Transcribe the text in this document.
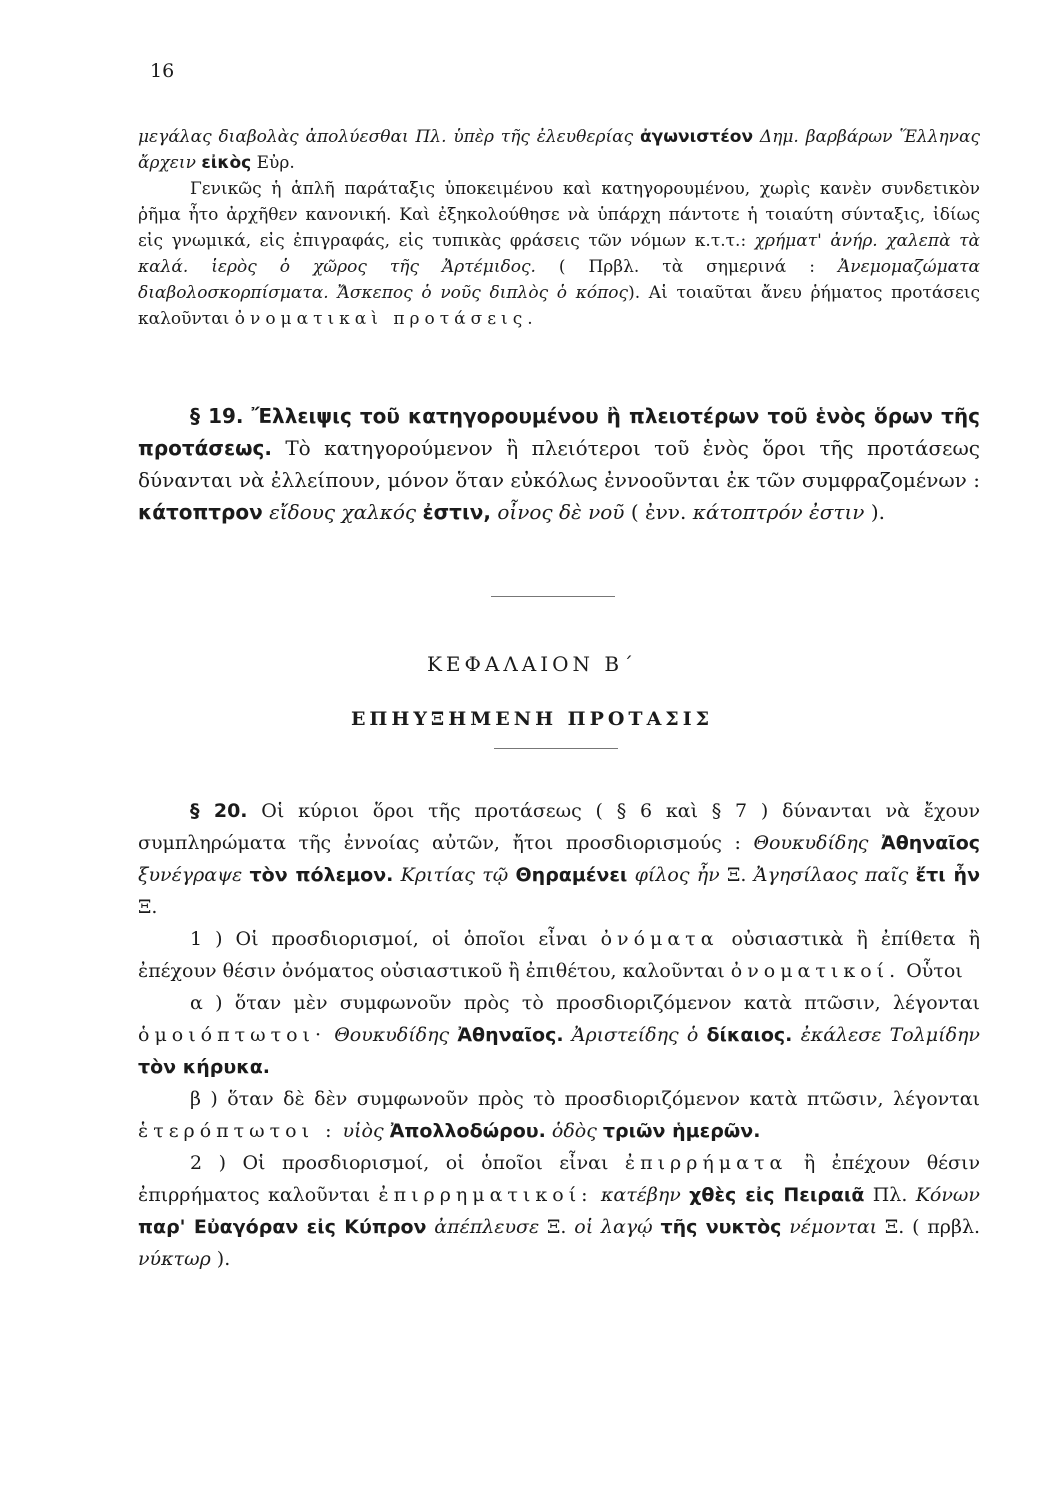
16

μεγάλας διαβολὰς ἀπολύεσθαι Πλ. ὑπὲρ τῆς ἐλευθερίας ἀγωνιστέον Δημ. βαρβάρων Ἕλληνας ἄρχειν εἰκὸς Εὐρ.

Γενικῶς ἡ ἁπλῆ παράταξις ὑποκειμένου καὶ κατηγορουμένου, χωρὶς κανὲν συνδετικὸν ῥῆμα ἦτο ἀρχῆθεν κανονική. Καὶ ἐξηκολούθησε νὰ ὑπάρχη πάντοτε ἡ τοιαύτη σύνταξις, ἰδίως εἰς γνωμικά, εἰς ἐπιγραφάς, εἰς τυπικὰς φράσεις τῶν νόμων κ.τ.τ.: χρήματ' ἀνήρ. χαλεπὰ τὰ καλά. ἱερὸς ὁ χῶρος τῆς Ἀρτέμιδος. ( Πρβλ. τὰ σημερινά : Ἀνεμομαζώματα διαβολοσκορπίσματα. Ἄσκεπος ὁ νοῦς διπλὸς ὁ κόπος). Αἱ τοιαῦται ἄνευ ῥήματος προτάσεις καλοῦνται ὀνοματικαὶ προτάσεις.

§ 19. Ἔλλειψις τοῦ κατηγορουμένου ἢ πλειοτέρων τοῦ ἑνὸς ὅρων τῆς προτάσεως. Τὸ κατηγορούμενον ἢ πλειότεροι τοῦ ἑνὸς ὅροι τῆς προτάσεως δύνανται νὰ ἐλλείπουν, μόνον ὅταν εὐκόλως ἐννοοῦνται ἐκ τῶν συμφραζομένων : κάτοπτρον εἴδους χαλκός ἐστιν, οἶνος δὲ νοῦ ( ἐνν. κάτοπτρόν ἐστιν ).

ΚΕΦΑΛΑΙΟΝ Β΄
ΕΠΗΥΞΗΜΕΝΗ ΠΡΟΤΑΣΙΣ

§ 20. Οἱ κύριοι ὅροι τῆς προτάσεως ( § 6 καὶ § 7 ) δύνανται νὰ ἔχουν συμπληρώματα τῆς ἐννοίας αὐτῶν, ἤτοι προσδιορισμούς : Θουκυδίδης Ἀθηναῖος ξυνέγραψε τὸν πόλεμον. Κριτίας τῷ Θηραμένει φίλος ἦν Ξ. Ἀγησίλαος παῖς ἔτι ἦν Ξ.

1 ) Οἱ προσδιορισμοί, οἱ ὁποῖοι εἶναι ὀνόματα οὐσιαστικὰ ἢ ἐπίθετα ἢ ἐπέχουν θέσιν ὀνόματος οὐσιαστικοῦ ἢ ἐπιθέτου, καλοῦνται ὀνοματικοί. Οὗτοι

α ) ὅταν μὲν συμφωνοῦν πρὸς τὸ προσδιοριζόμενον κατὰ πτῶσιν, λέγονται ὁμοιόπτωτοι· Θουκυδίδης Ἀθηναῖος. Ἀριστείδης ὁ δίκαιος. ἐκάλεσε Τολμίδην τὸν κήρυκα.

β ) ὅταν δὲ δὲν συμφωνοῦν πρὸς τὸ προσδιοριζόμενον κατὰ πτῶσιν, λέγονται ἑτερόπτωτοι : υἱὸς Ἀπολλοδώρου. ὁδὸς τριῶν ἡμερῶν.

2 ) Οἱ προσδιορισμοί, οἱ ὁποῖοι εἶναι ἐπιρρήματα ἢ ἐπέχουν θέσιν ἐπιρρήματος καλοῦνται ἐπιρρηματικοί: κατέβην χθὲς εἰς Πειραιᾶ Πλ. Κόνων παρ' Εὐαγόραν εἰς Κύπρον ἀπέπλευσε Ξ. οἱ λαγῴ τῆς νυκτὸς νέμονται Ξ. ( πρβλ. νύκτωρ ).
